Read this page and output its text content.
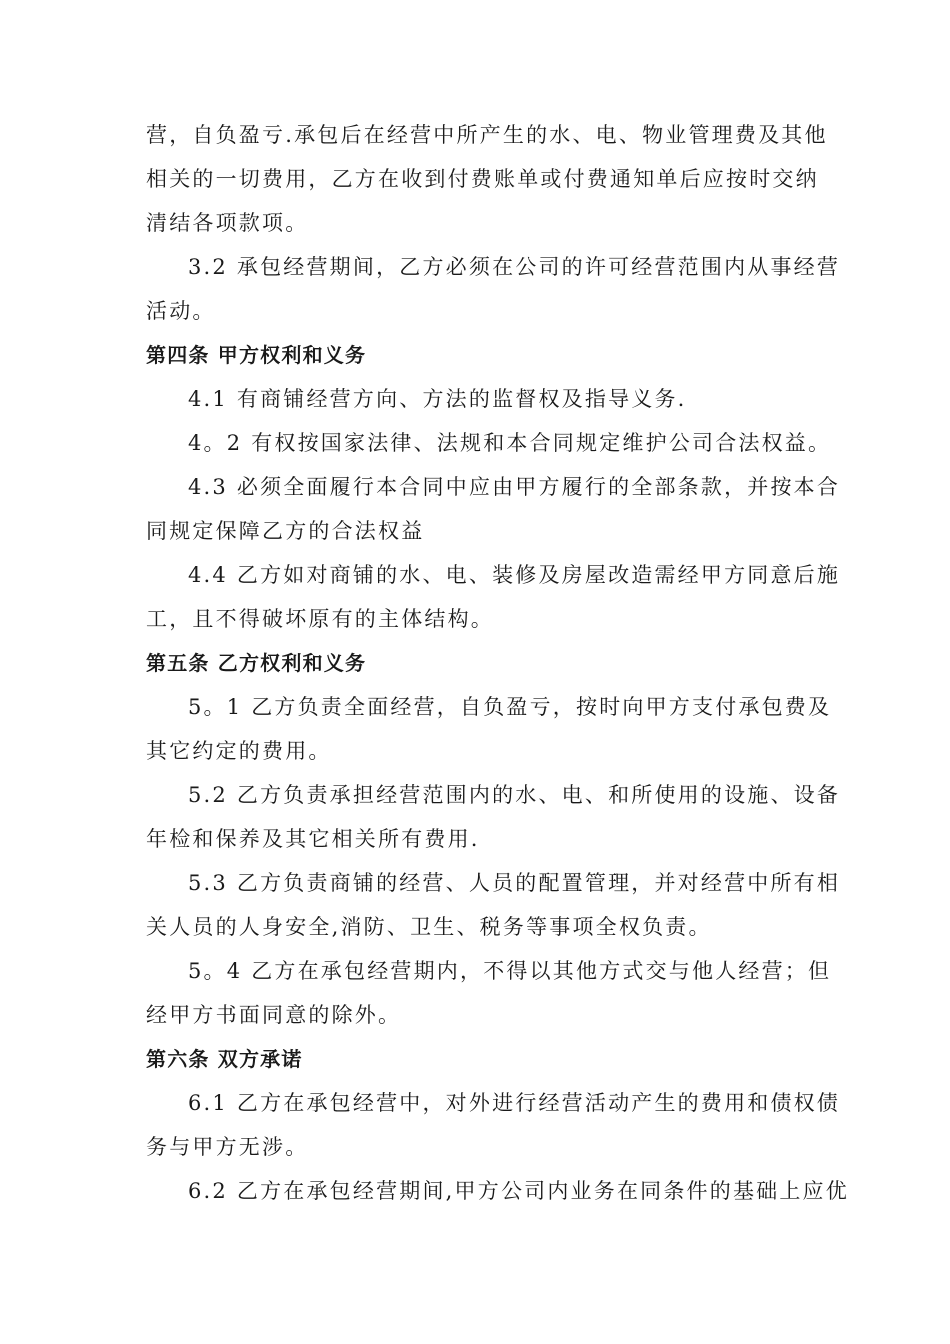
营，自负盈亏.承包后在经营中所产生的水、电、物业管理费及其他
相关的一切费用，乙方在收到付费账单或付费通知单后应按时交纳
清结各项款项。
3.2 承包经营期间，乙方必须在公司的许可经营范围内从事经营
活动。
第四条 甲方权利和义务
4.1 有商铺经营方向、方法的监督权及指导义务.
4。2 有权按国家法律、法规和本合同规定维护公司合法权益。
4.3 必须全面履行本合同中应由甲方履行的全部条款，并按本合
同规定保障乙方的合法权益
4.4 乙方如对商铺的水、电、装修及房屋改造需经甲方同意后施
工，且不得破坏原有的主体结构。
第五条 乙方权利和义务
5。1 乙方负责全面经营，自负盈亏，按时向甲方支付承包费及
其它约定的费用。
5.2 乙方负责承担经营范围内的水、电、和所使用的设施、设备
年检和保养及其它相关所有费用.
5.3 乙方负责商铺的经营、人员的配置管理，并对经营中所有相
关人员的人身安全,消防、卫生、税务等事项全权负责。
5。4 乙方在承包经营期内，不得以其他方式交与他人经营；但
经甲方书面同意的除外。
第六条 双方承诺
6.1 乙方在承包经营中，对外进行经营活动产生的费用和债权债
务与甲方无涉。
6.2 乙方在承包经营期间,甲方公司内业务在同条件的基础上应优
